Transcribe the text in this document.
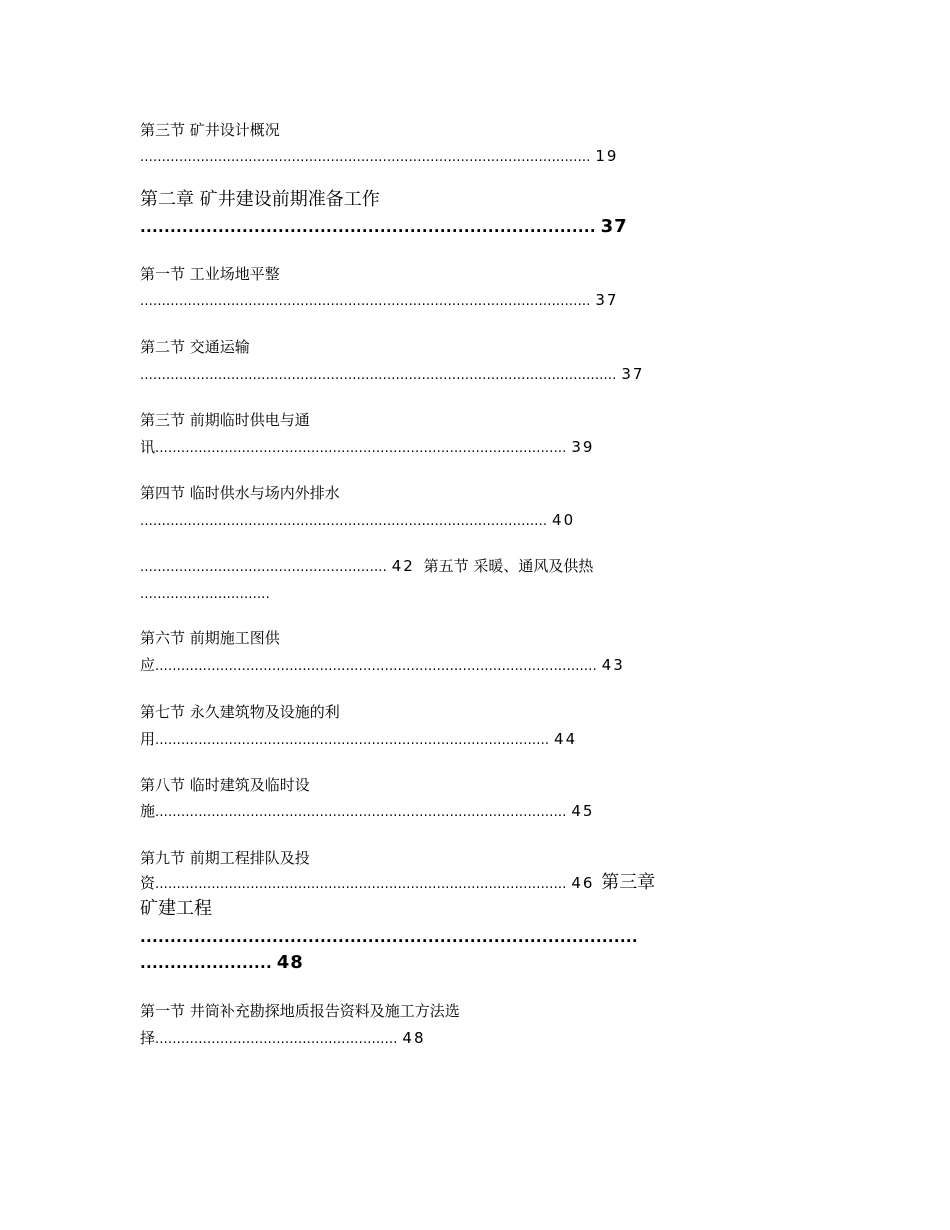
第三节 矿井设计概况
........................................................................................................ 19
第二章 矿井建设前期准备工作
............................................................................ 37
第一节 工业场地平整
........................................................................................................ 37
第二节 交通运输
.............................................................................................................. 37
第三节 前期临时供电与通
讯............................................................................................... 39
第四节 临时供水与场内外排水
.............................................................................................. 40
......................................................... 42 第五节 采暖、通风及供热
..............................
第六节 前期施工图供
应...................................................................................................... 43
第七节 永久建筑物及设施的利
用........................................................................................... 44
第八节 临时建筑及临时设
施............................................................................................... 45
第九节 前期工程排队及投
资............................................................................................... 46 第三章
矿建工程
...................................................................................
...................... 48
第一节 井筒补充勘探地质报告资料及施工方法选
择........................................................ 48
